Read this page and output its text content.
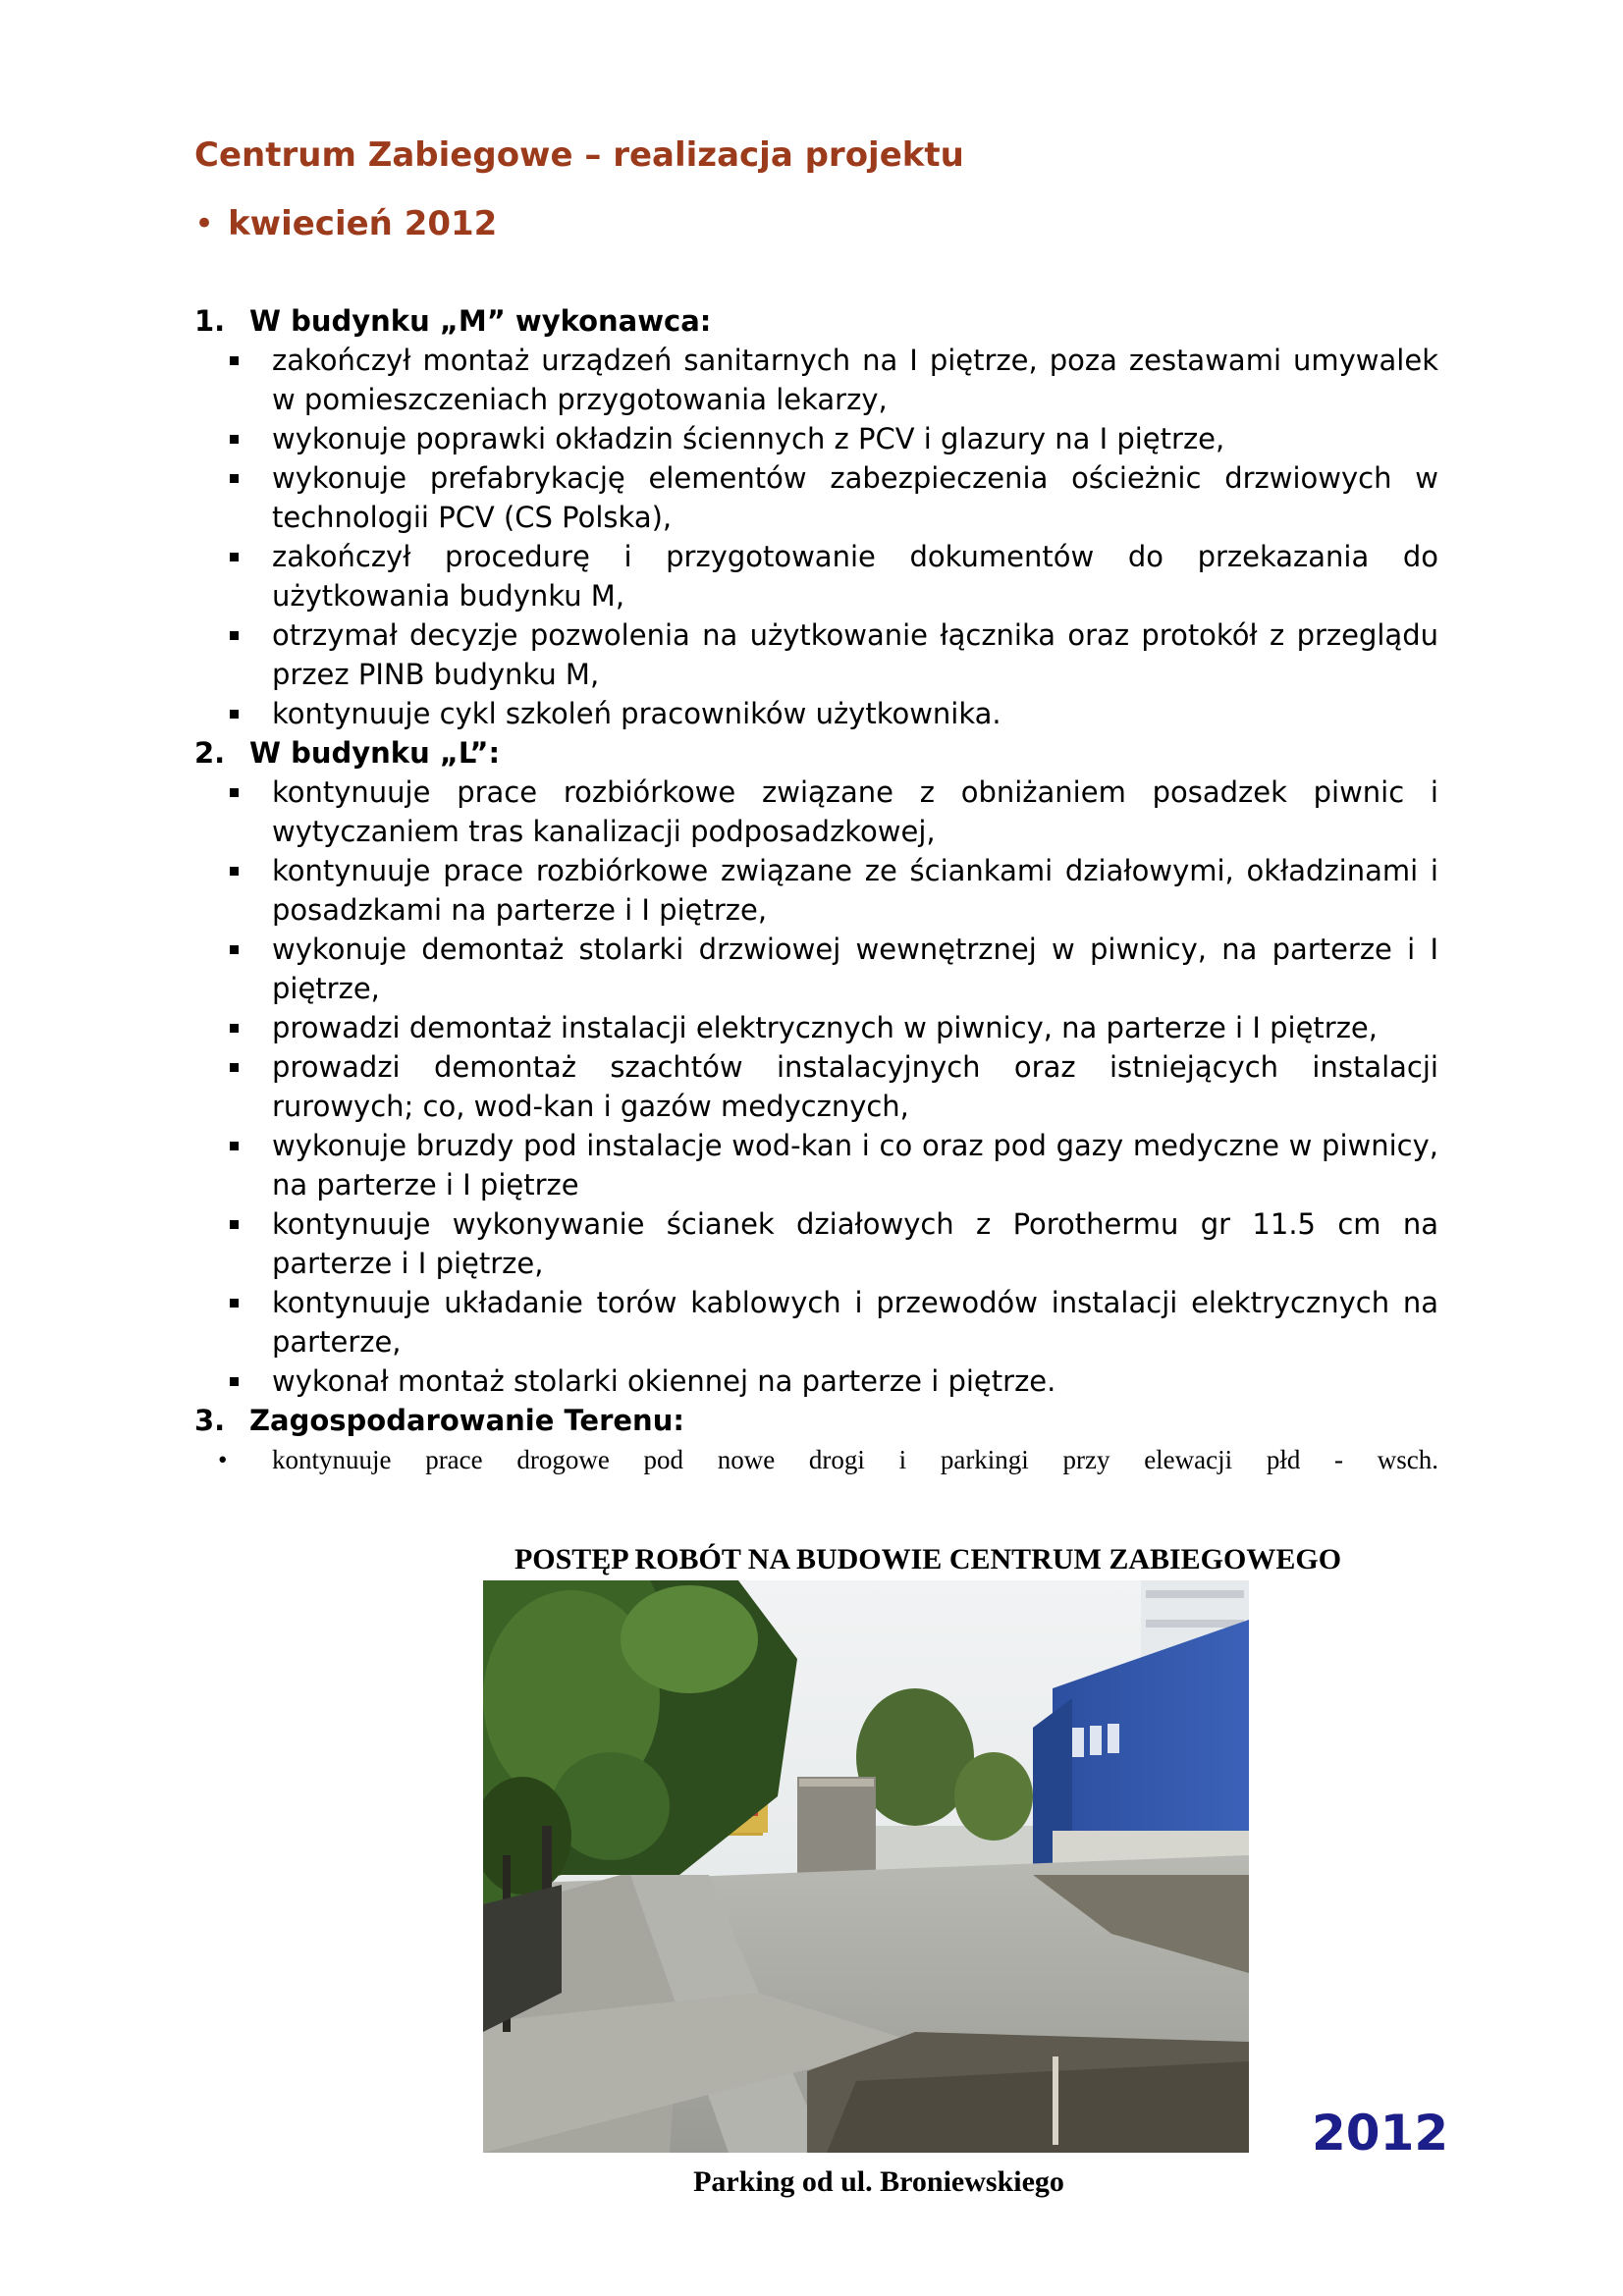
Centrum Zabiegowe – realizacja projektu
• kwiecień 2012
1. W budynku „M” wykonawca:
zakończył montaż urządzeń sanitarnych na I piętrze, poza zestawami umywalek w pomieszczeniach przygotowania lekarzy,
wykonuje poprawki okładzin ściennych z PCV i glazury na I piętrze,
wykonuje prefabrykację elementów zabezpieczenia ościeżnic drzwiowych w technologii PCV (CS Polska),
zakończył procedurę i przygotowanie dokumentów do przekazania do użytkowania budynku M,
otrzymał decyzje pozwolenia na użytkowanie łącznika oraz protokół z przeglądu przez PINB budynku M,
kontynuuje cykl szkoleń pracowników użytkownika.
2. W budynku „L”:
kontynuuje prace rozbiórkowe związane z obniżaniem posadzek piwnic i wytyczaniem tras kanalizacji podposadzkowej,
kontynuuje prace rozbiórkowe związane ze ściankami działowymi, okładzinami i posadzkami na parterze i I piętrze,
wykonuje demontaż stolarki drzwiowej wewnętrznej w piwnicy, na parterze i I piętrze,
prowadzi demontaż instalacji elektrycznych w piwnicy, na parterze i I piętrze,
prowadzi demontaż szachtów instalacyjnych oraz istniejących instalacji rurowych; co, wod-kan i gazów medycznych,
wykonuje bruzdy pod instalacje wod-kan i co oraz pod gazy medyczne w piwnicy, na parterze i I piętrze
kontynuuje wykonywanie ścianek działowych z Porothermu gr 11.5 cm na parterze i I piętrze,
kontynuuje układanie torów kablowych i przewodów instalacji elektrycznych na parterze,
wykonał montaż stolarki okiennej na parterze i piętrze.
3. Zagospodarowanie Terenu:
• kontynuuje prace drogowe pod nowe drogi i parkingi przy elewacji płd - wsch.
POSTĘP ROBÓT NA BUDOWIE CENTRUM ZABIEGOWEGO
Parking od ul. Broniewskiego
2012
